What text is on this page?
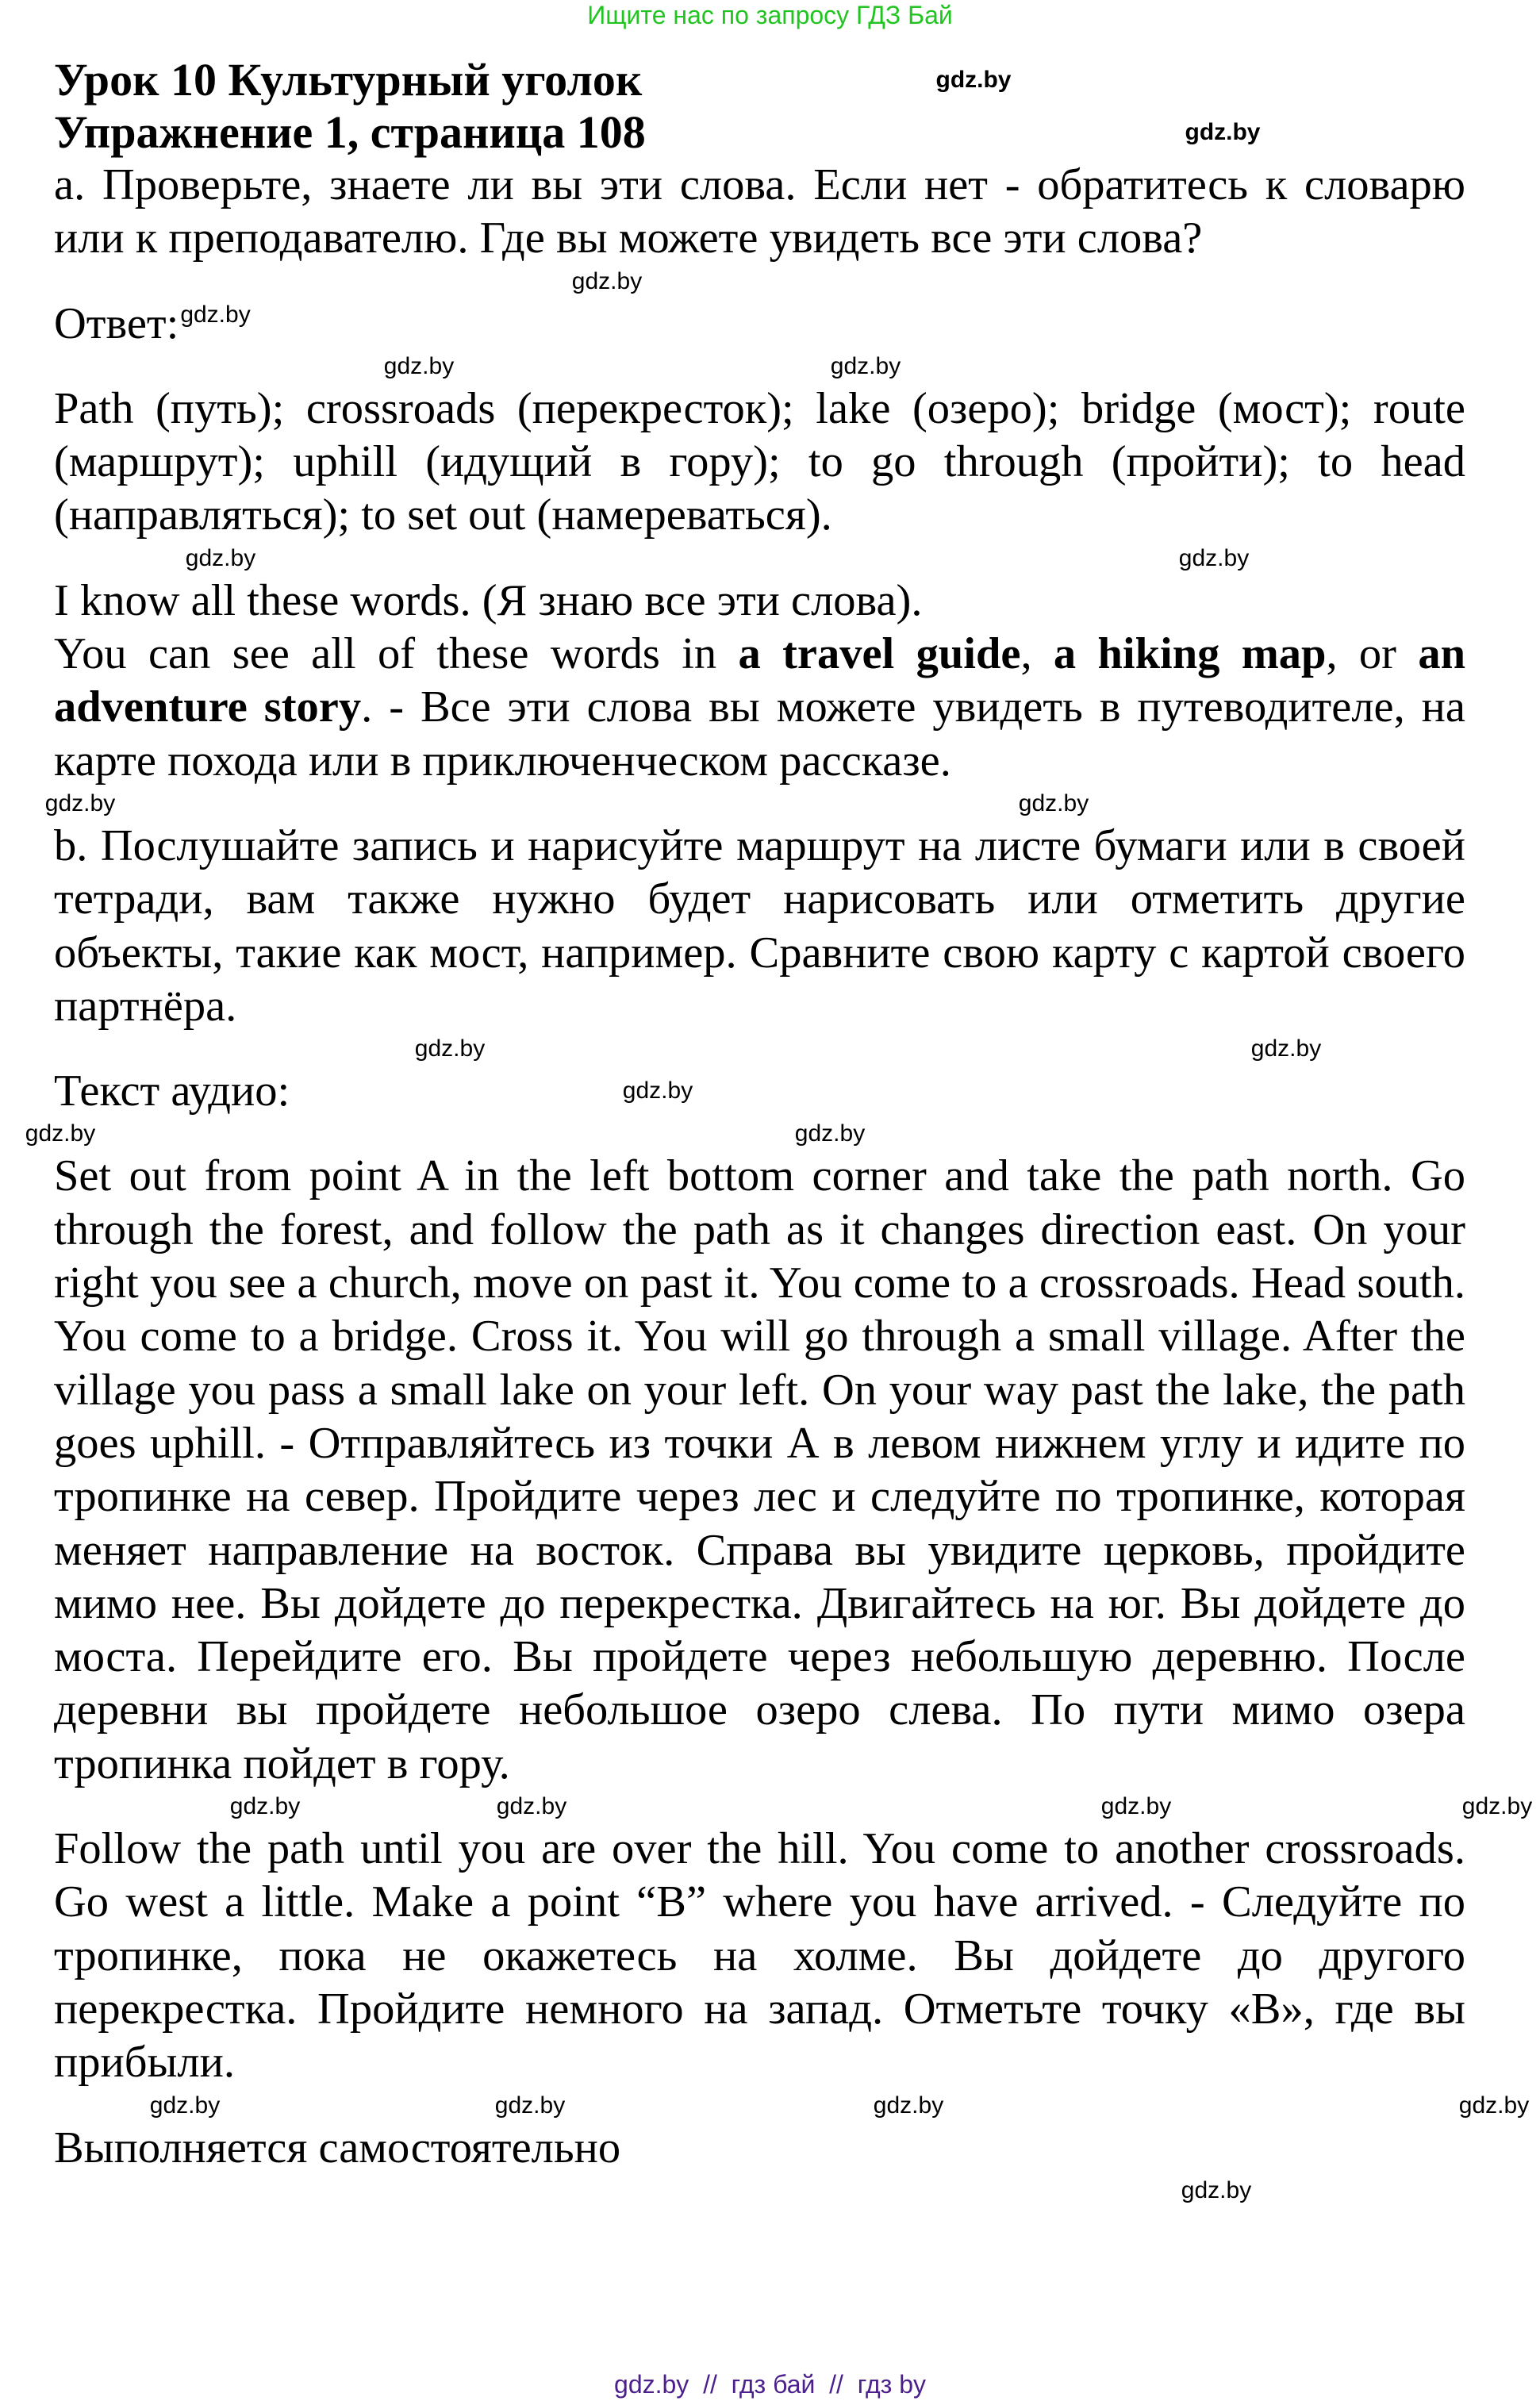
Ищите нас по запросу ГДЗ Бай
Урок 10 Культурный уголок	gdz.by
Упражнение 1, страница 108	gdz.by
a. Проверьте, знаете ли вы эти слова. Если нет - обратитесь к словарю или к преподавателю. Где вы можете увидеть все эти слова?
gdz.by
Ответ:$^{gdz.by}$
gdz.by	gdz.by
Path (путь); crossroads (перекресток); lake (озеро); bridge (мост); route (маршрут); uphill (идущий в гору); to go through (пройти); to head (направляться); to set out (намереваться).
gdz.by	gdz.by
I know all these words. (Я знаю все эти слова).
You can see all of these words in a travel guide, a hiking map, or an adventure story. - Все эти слова вы можете увидеть в путеводителе, на карте похода или в приключенческом рассказе.
gdz.by	gdz.by
b. Послушайте запись и нарисуйте маршрут на листе бумаги или в своей тетради, вам также нужно будет нарисовать или отметить другие объекты, такие как мост, например. Сравните свою карту с картой своего партнёра.
gdz.by	gdz.by
Текст аудио:	gdz.by
gdz.by	gdz.by
Set out from point A in the left bottom corner and take the path north. Go through the forest, and follow the path as it changes direction east. On your right you see a church, move on past it. You come to a crossroads. Head south. You come to a bridge. Cross it. You will go through a small village. After the village you pass a small lake on your left. On your way past the lake, the path goes uphill. - Отправляйтесь из точки А в левом нижнем углу и идите по тропинке на север. Пройдите через лес и следуйте по тропинке, которая меняет направление на восток. Справа вы увидите церковь, пройдите мимо нее. Вы дойдете до перекрестка. Двигайтесь на юг. Вы дойдете до моста. Перейдите его. Вы пройдете через небольшую деревню. После деревни вы пройдете небольшое озеро слева. По пути мимо озера тропинка пойдет в гору.
gdz.by	gdz.by	gdz.by	gdz.by
Follow the path until you are over the hill. You come to another crossroads. Go west a little. Make a point “B” where you have arrived. - Следуйте по тропинке, пока не окажетесь на холме. Вы дойдете до другого перекрестка. Пройдите немного на запад. Отметьте точку «В», где вы прибыли.
gdz.by	gdz.by	gdz.by	gdz.by
Выполняется самостоятельно
gdz.by
gdz.by  //  гдз бай  //  гдз by
